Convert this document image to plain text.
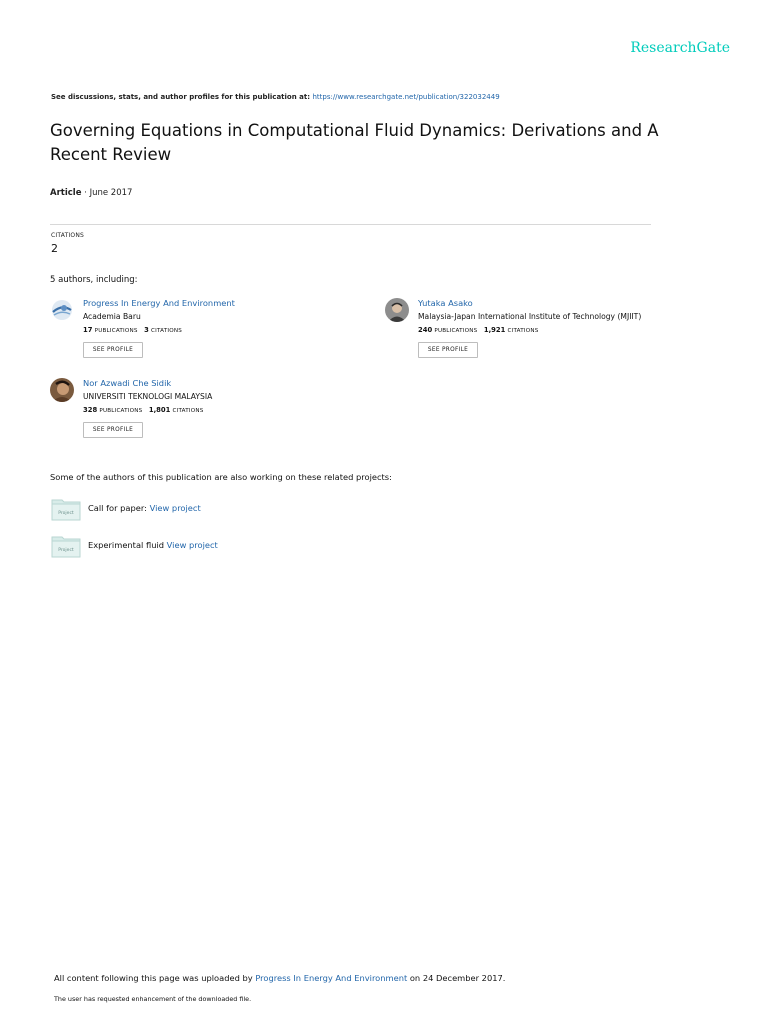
ResearchGate
See discussions, stats, and author profiles for this publication at: https://www.researchgate.net/publication/322032449
Governing Equations in Computational Fluid Dynamics: Derivations and A Recent Review
Article · June 2017
CITATIONS
2
5 authors, including:
Progress In Energy And Environment
Academia Baru
17 PUBLICATIONS 3 CITATIONS
SEE PROFILE
Yutaka Asako
Malaysia-Japan International Institute of Technology (MJIIT)
240 PUBLICATIONS 1,921 CITATIONS
SEE PROFILE
Nor Azwadi Che Sidik
UNIVERSITI TEKNOLOGI MALAYSIA
328 PUBLICATIONS 1,801 CITATIONS
SEE PROFILE
Some of the authors of this publication are also working on these related projects:
Project
Call for paper: View project
Project
Experimental fluid View project
All content following this page was uploaded by Progress In Energy And Environment on 24 December 2017.
The user has requested enhancement of the downloaded file.
